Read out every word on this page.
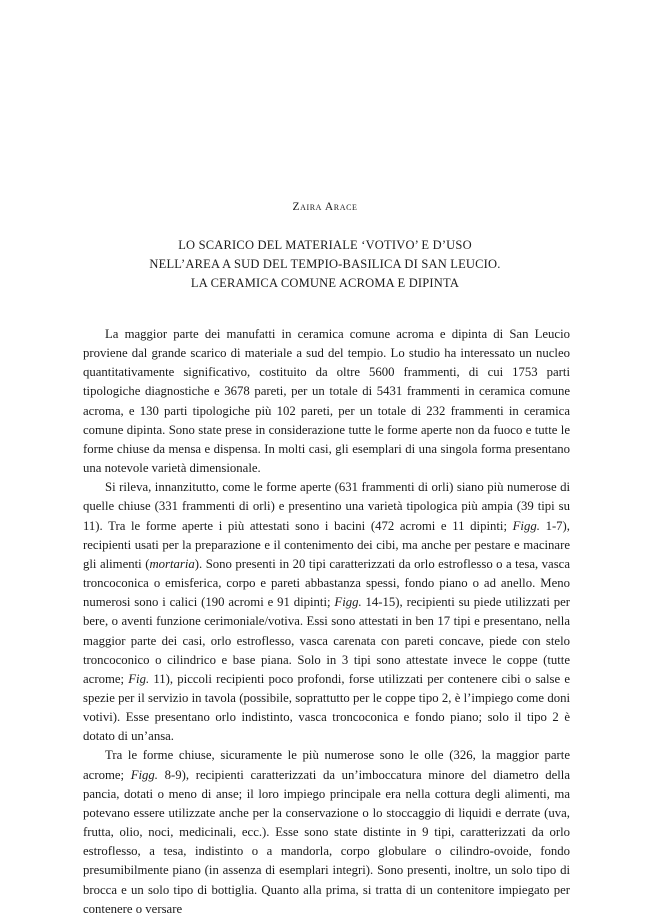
Zaira Arace
LO SCARICO DEL MATERIALE ‘VOTIVO’ E D’USO
NELL’AREA A SUD DEL TEMPIO-BASILICA DI SAN LEUCIO.
LA CERAMICA COMUNE ACROMA E DIPINTA

La maggior parte dei manufatti in ceramica comune acroma e dipinta di San Leucio proviene dal grande scarico di materiale a sud del tempio. Lo studio ha interessato un nucleo quantitativamente significativo, costituito da oltre 5600 frammenti, di cui 1753 parti tipologiche diagnostiche e 3678 pareti, per un totale di 5431 frammenti in ceramica comune acroma, e 130 parti tipologiche più 102 pareti, per un totale di 232 frammenti in ceramica comune dipinta. Sono state prese in considerazione tutte le forme aperte non da fuoco e tutte le forme chiuse da mensa e dispensa. In molti casi, gli esemplari di una singola forma presentano una notevole varietà dimensionale.

Si rileva, innanzitutto, come le forme aperte (631 frammenti di orli) siano più numerose di quelle chiuse (331 frammenti di orli) e presentino una varietà tipologica più ampia (39 tipi su 11). Tra le forme aperte i più attestati sono i bacini (472 acromi e 11 dipinti; Figg. 1-7), recipienti usati per la preparazione e il contenimento dei cibi, ma anche per pestare e macinare gli alimenti (mortaria). Sono presenti in 20 tipi caratterizzati da orlo estroflesso o a tesa, vasca troncoconica o emisferica, corpo e pareti abbastanza spessi, fondo piano o ad anello. Meno numerosi sono i calici (190 acromi e 91 dipinti; Figg. 14-15), recipienti su piede utilizzati per bere, o aventi funzione cerimoniale/votiva. Essi sono attestati in ben 17 tipi e presentano, nella maggior parte dei casi, orlo estroflesso, vasca carenata con pareti concave, piede con stelo troncoconico o cilindrico e base piana. Solo in 3 tipi sono attestate invece le coppe (tutte acrome; Fig. 11), piccoli recipienti poco profondi, forse utilizzati per contenere cibi o salse e spezie per il servizio in tavola (possibile, soprattutto per le coppe tipo 2, è l’impiego come doni votivi). Esse presentano orlo indistinto, vasca troncoconica e fondo piano; solo il tipo 2 è dotato di un’ansa.

Tra le forme chiuse, sicuramente le più numerose sono le olle (326, la maggior parte acrome; Figg. 8-9), recipienti caratterizzati da un’imboccatura minore del diametro della pancia, dotati o meno di anse; il loro impiego principale era nella cottura degli alimenti, ma potevano essere utilizzate anche per la conservazione o lo stoccaggio di liquidi e derrate (uva, frutta, olio, noci, medicinali, ecc.). Esse sono state distinte in 9 tipi, caratterizzati da orlo estroflesso, a tesa, indistinto o a mandorla, corpo globulare o cilindro-ovoide, fondo presumibilmente piano (in assenza di esemplari integri). Sono presenti, inoltre, un solo tipo di brocca e un solo tipo di bottiglia. Quanto alla prima, si tratta di un contenitore impiegato per contenere o versare
